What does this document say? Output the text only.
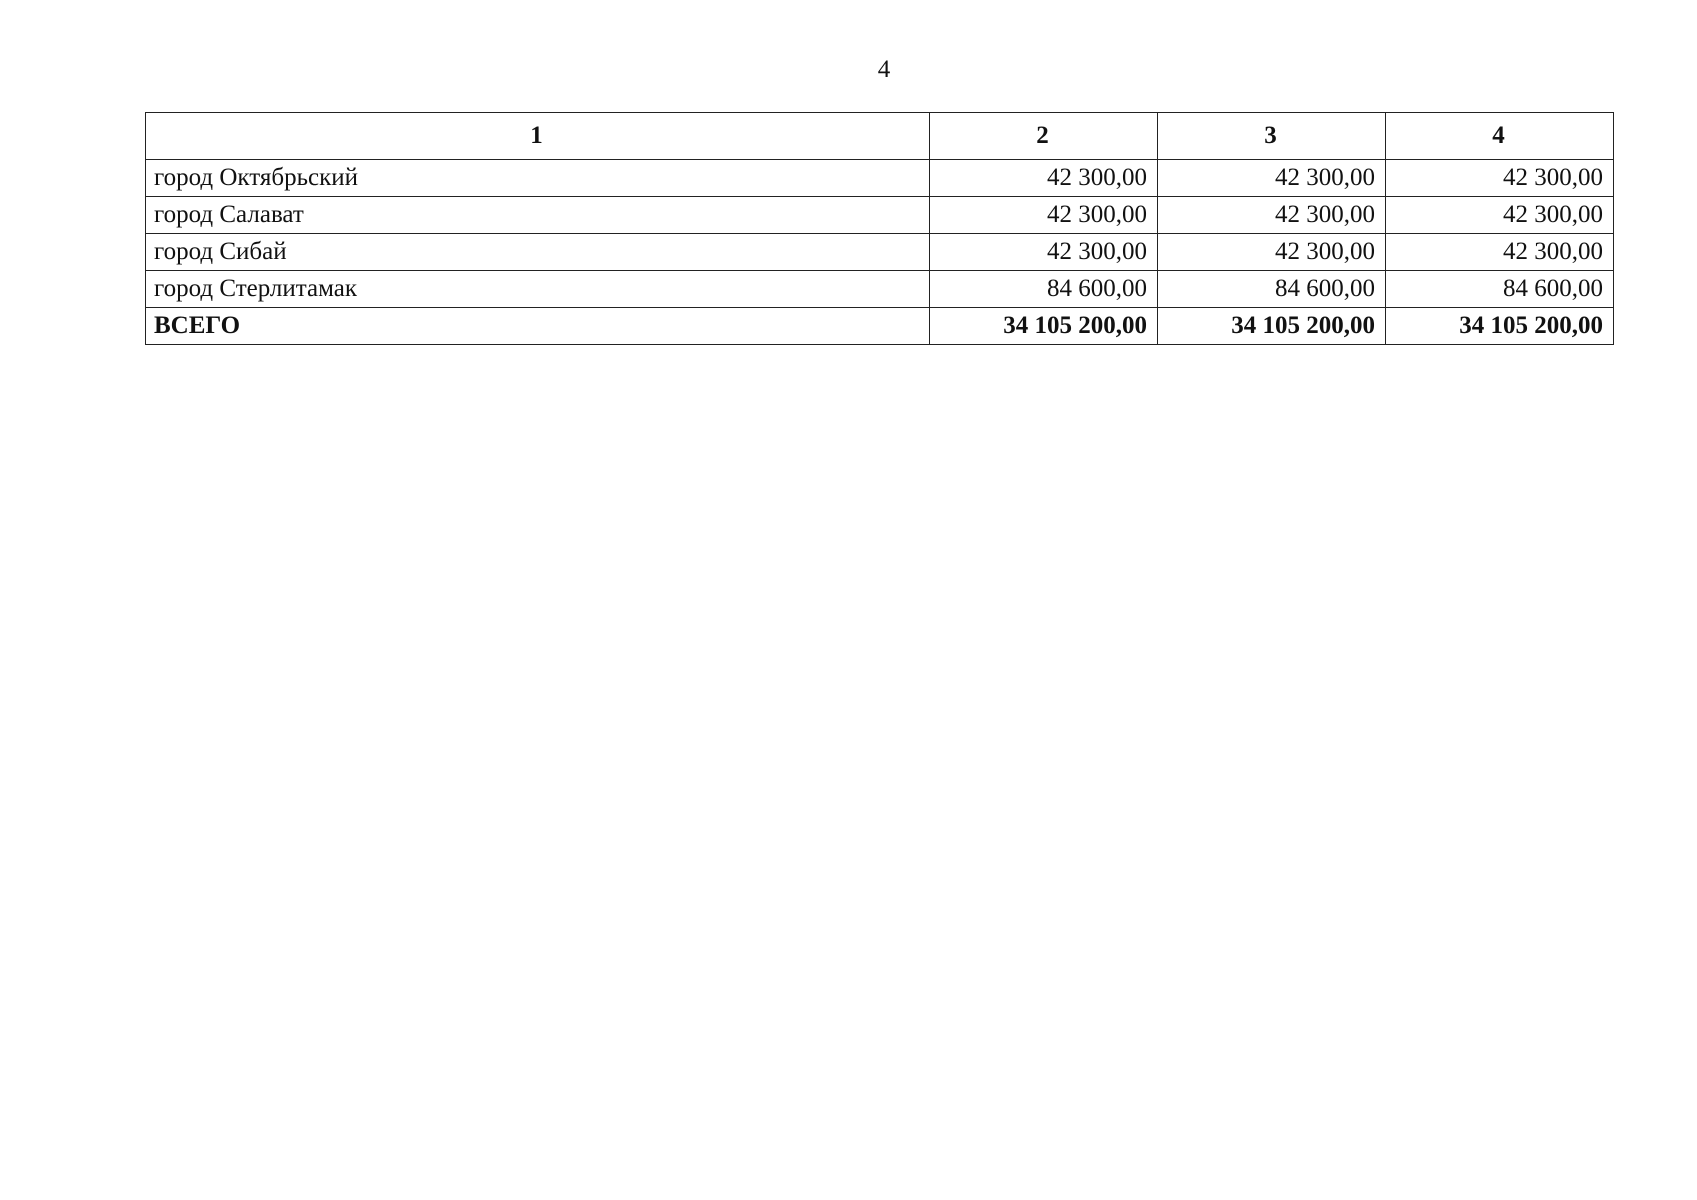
4
1	2	3	4
город Октябрьский	42 300,00	42 300,00	42 300,00
город Салават	42 300,00	42 300,00	42 300,00
город Сибай	42 300,00	42 300,00	42 300,00
город Стерлитамак	84 600,00	84 600,00	84 600,00
ВСЕГО	34 105 200,00	34 105 200,00	34 105 200,00
